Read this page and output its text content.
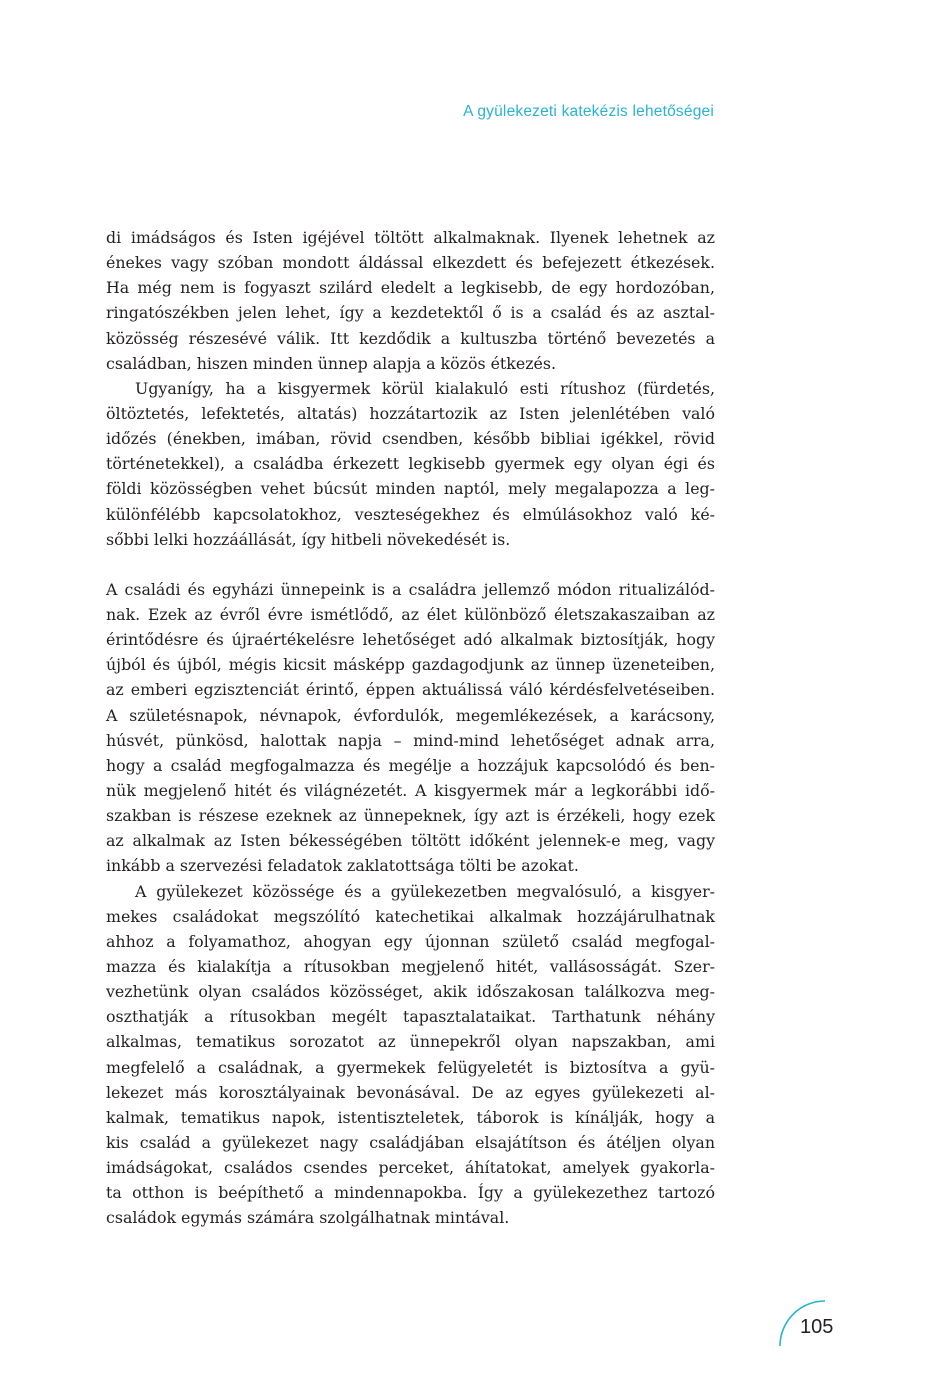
A gyülekezeti katekézis lehetőségei
di imádságos és Isten igéjével töltött alkalmaknak. Ilyenek lehetnek az
énekes vagy szóban mondott áldással elkezdett és befejezett étkezések.
Ha még nem is fogyaszt szilárd eledelt a legkisebb, de egy hordozóban,
ringatószékben jelen lehet, így a kezdetektől ő is a család és az asztal-
közösség részesévé válik. Itt kezdődik a kultuszba történő bevezetés a
családban, hiszen minden ünnep alapja a közös étkezés.
Ugyanígy, ha a kisgyermek körül kialakuló esti rítushoz (fürdetés,
öltöztetés, lefektetés, altatás) hozzátartozik az Isten jelenlétében való
időzés (énekben, imában, rövid csendben, később bibliai igékkel, rövid
történetekkel), a családba érkezett legkisebb gyermek egy olyan égi és
földi közösségben vehet búcsút minden naptól, mely megalapozza a leg-
különfélébb kapcsolatokhoz, veszteségekhez és elmúlásokhoz való ké-
sőbbi lelki hozzáállását, így hitbeli növekedését is.
A családi és egyházi ünnepeink is a családra jellemző módon ritualizálód-
nak. Ezek az évről évre ismétlődő, az élet különböző életszakaszaiban az
érintődésre és újraértékelésre lehetőséget adó alkalmak biztosítják, hogy
újból és újból, mégis kicsit másképp gazdagodjunk az ünnep üzeneteiben,
az emberi egzisztenciát érintő, éppen aktuálissá váló kérdésfelvetéseiben.
A születésnapok, névnapok, évfordulók, megemlékezések, a karácsony,
húsvét, pünkösd, halottak napja – mind-mind lehetőséget adnak arra,
hogy a család megfogalmazza és megélje a hozzájuk kapcsolódó és ben-
nük megjelenő hitét és világnézetét. A kisgyermek már a legkorábbi idő-
szakban is részese ezeknek az ünnepeknek, így azt is érzékeli, hogy ezek
az alkalmak az Isten békességében töltött időként jelennek-e meg, vagy
inkább a szervezési feladatok zaklatottsága tölti be azokat.
A gyülekezet közössége és a gyülekezetben megvalósuló, a kisgyer-
mekes családokat megszólító katechetikai alkalmak hozzájárulhatnak
ahhoz a folyamathoz, ahogyan egy újonnan születő család megfogal-
mazza és kialakítja a rítusokban megjelenő hitét, vallásosságát. Szer-
vezhetünk olyan családos közösséget, akik időszakosan találkozva meg-
oszthatják a rítusokban megélt tapasztalataikat. Tarthatunk néhány
alkalmas, tematikus sorozatot az ünnepekről olyan napszakban, ami
megfelelő a családnak, a gyermekek felügyeletét is biztosítva a gyü-
lekezet más korosztályainak bevonásával. De az egyes gyülekezeti al-
kalmak, tematikus napok, istentiszteletek, táborok is kínálják, hogy a
kis család a gyülekezet nagy családjában elsajátítson és átéljen olyan
imádságokat, családos csendes perceket, áhítatokat, amelyek gyakorla-
ta otthon is beépíthető a mindennapokba. Így a gyülekezethez tartozó
családok egymás számára szolgálhatnak mintával.
105
